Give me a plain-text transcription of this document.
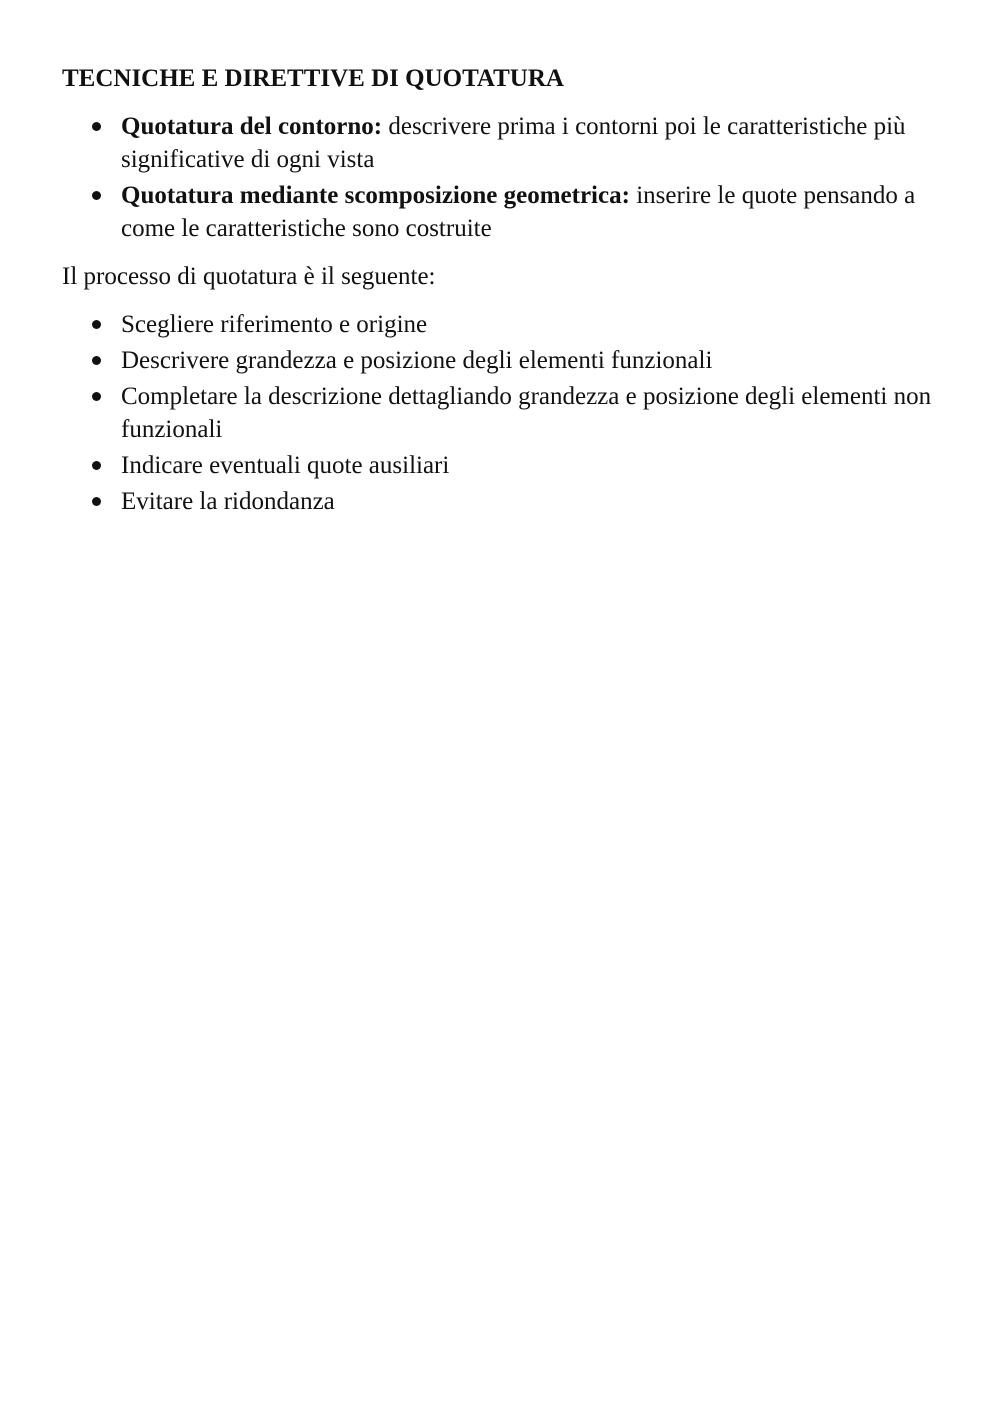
TECNICHE E DIRETTIVE DI QUOTATURA
Quotatura del contorno: descrivere prima i contorni poi le caratteristiche più significative di ogni vista
Quotatura mediante scomposizione geometrica: inserire le quote pensando a come le caratteristiche sono costruite

Il processo di quotatura è il seguente:

Scegliere riferimento e origine
Descrivere grandezza e posizione degli elementi funzionali
Completare la descrizione dettagliando grandezza e posizione degli elementi non funzionali
Indicare eventuali quote ausiliari
Evitare la ridondanza
